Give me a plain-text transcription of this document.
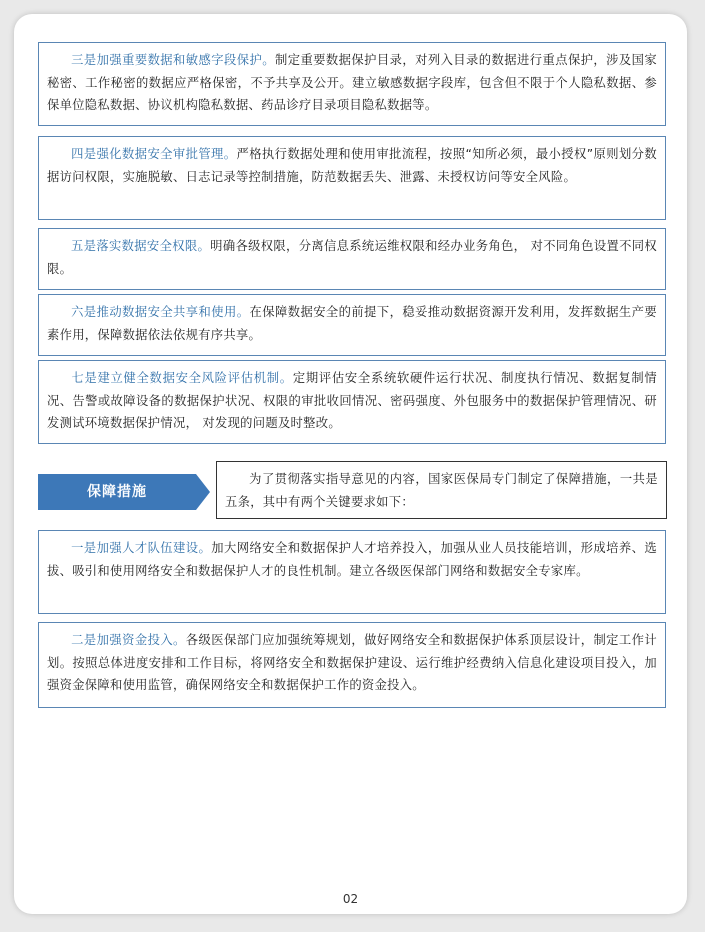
三是加强重要数据和敏感字段保护。制定重要数据保护目录，对列入目录的数据进行重点保护，涉及国家秘密、工作秘密的数据应严格保密，不予共享及公开。建立敏感数据字段库，包含但不限于个人隐私数据、参保单位隐私数据、协议机构隐私数据、药品诊疗目录项目隐私数据等。
四是强化数据安全审批管理。严格执行数据处理和使用审批流程，按照“知所必须，最小授权”原则划分数据访问权限，实施脱敏、日志记录等控制措施，防范数据丢失、泄露、未授权访问等安全风险。
五是落实数据安全权限。明确各级权限，分离信息系统运维权限和经办业务角色， 对不同角色设置不同权限。
六是推动数据安全共享和使用。在保障数据安全的前提下，稳妥推动数据资源开发利用，发挥数据生产要素作用，保障数据依法依规有序共享。
七是建立健全数据安全风险评估机制。定期评估安全系统软硬件运行状况、制度执行情况、数据复制情况、告警或故障设备的数据保护状况、权限的审批收回情况、密码强度、外包服务中的数据保护管理情况、研发测试环境数据保护情况， 对发现的问题及时整改。
保障措施
为了贯彻落实指导意见的内容，国家医保局专门制定了保障措施，一共是五条，其中有两个关键要求如下：
一是加强人才队伍建设。加大网络安全和数据保护人才培养投入，加强从业人员技能培训，形成培养、选拔、吸引和使用网络安全和数据保护人才的良性机制。建立各级医保部门网络和数据安全专家库。
二是加强资金投入。各级医保部门应加强统筹规划，做好网络安全和数据保护体系顶层设计，制定工作计划。按照总体进度安排和工作目标，将网络安全和数据保护建设、运行维护经费纳入信息化建设项目投入，加强资金保障和使用监管，确保网络安全和数据保护工作的资金投入。
02
